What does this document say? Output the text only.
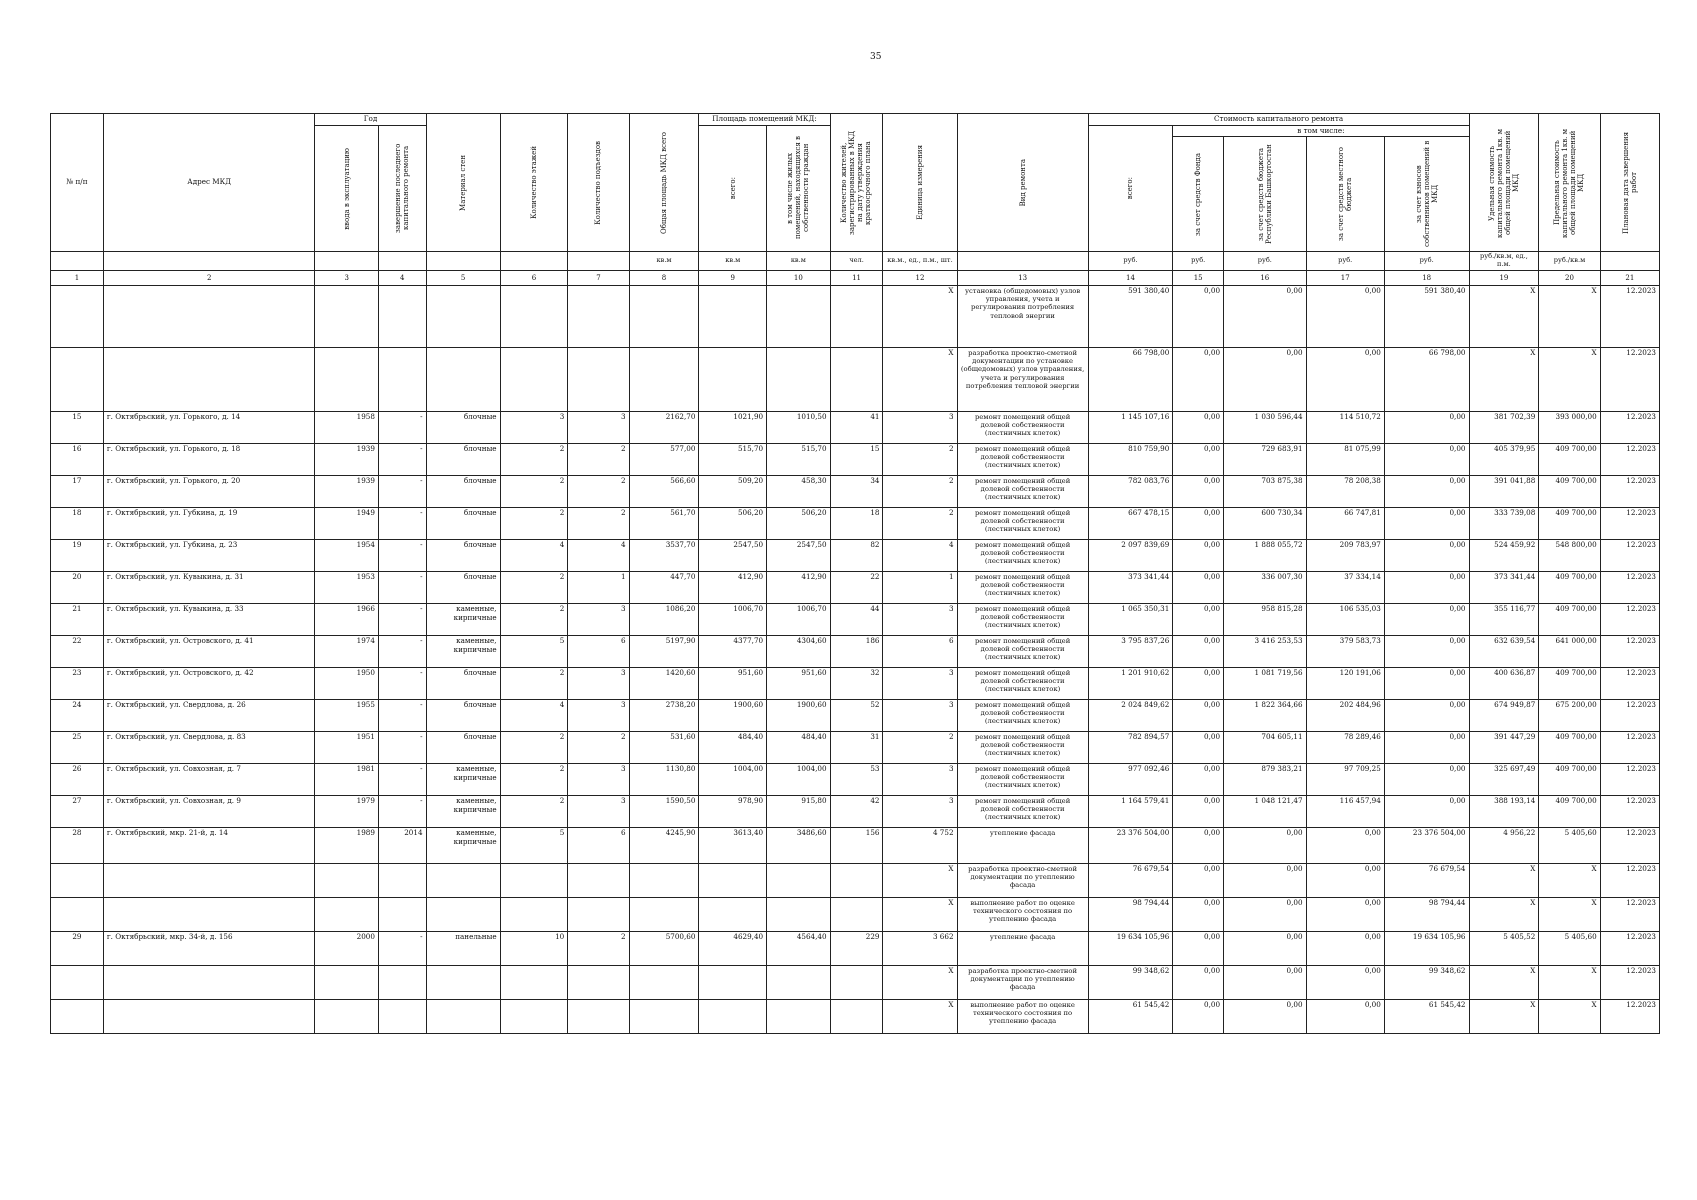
35
№ п/п	Адрес МКД	Год		Материал стен	Количество этажей	Количество подъездов	Общая площадь МКД всего	Площадь помещений МКД:		Количество жителей, зарегистрированных в МКД на дату утверждения краткосрочного плана	Единица измерения	Вид ремонта	Стоимость капитального ремонта					Удельная стоимость капитального ремонта 1кв. м общей площади помещений МКД	Предельная стоимость капитального ремонта 1кв. м общей площади помещений МКД	Плановая дата завершения работ

		ввода в эксплуатацию	завершение последнего капитального ремонта					всего:	в том числе жилых помещений, находящихся в собственности граждан				всего:	в том числе:						

														за счет средств Фонда	за счет средств бюджета Республики Башкортостан	за счет средств местного бюджета	за счет взносов собственников помещений в МКД			

							кв.м	кв.м	кв.м	чел.	кв.м., ед., п.м., шт.		руб.	руб.	руб.	руб.	руб.	руб./кв.м, ед., п.м.	руб./кв.м	
1	2	3	4	5	6	7	8	9	10	11	12	13	14	15	16	17	18	19	20	21
											X	установка (общедомовых) узлов управления, учета и регулирования потребления тепловой энергии	591 380,40	0,00	0,00	0,00	591 380,40	X	X	12.2023
											X	разработка проектно-сметной документации по установке (общедомовых) узлов управления, учета и регулирования потребления тепловой энергии	66 798,00	0,00	0,00	0,00	66 798,00	X	X	12.2023
15	г. Октябрьский, ул. Горького, д. 14	1958	-	блочные	3	3	2162,70	1021,90	1010,50	41	3	ремонт помещений общей долевой собственности (лестничных клеток)	1 145 107,16	0,00	1 030 596,44	114 510,72	0,00	381 702,39	393 000,00	12.2023
16	г. Октябрьский, ул. Горького, д. 18	1939	-	блочные	2	2	577,00	515,70	515,70	15	2	ремонт помещений общей долевой собственности (лестничных клеток)	810 759,90	0,00	729 683,91	81 075,99	0,00	405 379,95	409 700,00	12.2023
17	г. Октябрьский, ул. Горького, д. 20	1939	-	блочные	2	2	566,60	509,20	458,30	34	2	ремонт помещений общей долевой собственности (лестничных клеток)	782 083,76	0,00	703 875,38	78 208,38	0,00	391 041,88	409 700,00	12.2023
18	г. Октябрьский, ул. Губкина, д. 19	1949	-	блочные	2	2	561,70	506,20	506,20	18	2	ремонт помещений общей долевой собственности (лестничных клеток)	667 478,15	0,00	600 730,34	66 747,81	0,00	333 739,08	409 700,00	12.2023
19	г. Октябрьский, ул. Губкина, д. 23	1954	-	блочные	4	4	3537,70	2547,50	2547,50	82	4	ремонт помещений общей долевой собственности (лестничных клеток)	2 097 839,69	0,00	1 888 055,72	209 783,97	0,00	524 459,92	548 800,00	12.2023
20	г. Октябрьский, ул. Кувыкина, д. 31	1953	-	блочные	2	1	447,70	412,90	412,90	22	1	ремонт помещений общей долевой собственности (лестничных клеток)	373 341,44	0,00	336 007,30	37 334,14	0,00	373 341,44	409 700,00	12.2023
21	г. Октябрьский, ул. Кувыкина, д. 33	1966	-	каменные, кирпичные	2	3	1086,20	1006,70	1006,70	44	3	ремонт помещений общей долевой собственности (лестничных клеток)	1 065 350,31	0,00	958 815,28	106 535,03	0,00	355 116,77	409 700,00	12.2023
22	г. Октябрьский, ул. Островского, д. 41	1974	-	каменные, кирпичные	5	6	5197,90	4377,70	4304,60	186	6	ремонт помещений общей долевой собственности (лестничных клеток)	3 795 837,26	0,00	3 416 253,53	379 583,73	0,00	632 639,54	641 000,00	12.2023
23	г. Октябрьский, ул. Островского, д. 42	1950	-	блочные	2	3	1420,60	951,60	951,60	32	3	ремонт помещений общей долевой собственности (лестничных клеток)	1 201 910,62	0,00	1 081 719,56	120 191,06	0,00	400 636,87	409 700,00	12.2023
24	г. Октябрьский, ул. Свердлова, д. 26	1955	-	блочные	4	3	2738,20	1900,60	1900,60	52	3	ремонт помещений общей долевой собственности (лестничных клеток)	2 024 849,62	0,00	1 822 364,66	202 484,96	0,00	674 949,87	675 200,00	12.2023
25	г. Октябрьский, ул. Свердлова, д. 83	1951	-	блочные	2	2	531,60	484,40	484,40	31	2	ремонт помещений общей долевой собственности (лестничных клеток)	782 894,57	0,00	704 605,11	78 289,46	0,00	391 447,29	409 700,00	12.2023
26	г. Октябрьский, ул. Совхозная, д. 7	1981	-	каменные, кирпичные	2	3	1130,80	1004,00	1004,00	53	3	ремонт помещений общей долевой собственности (лестничных клеток)	977 092,46	0,00	879 383,21	97 709,25	0,00	325 697,49	409 700,00	12.2023
27	г. Октябрьский, ул. Совхозная, д. 9	1979	-	каменные, кирпичные	2	3	1590,50	978,90	915,80	42	3	ремонт помещений общей долевой собственности (лестничных клеток)	1 164 579,41	0,00	1 048 121,47	116 457,94	0,00	388 193,14	409 700,00	12.2023
28	г. Октябрьский, мкр. 21-й, д. 14	1989	2014	каменные, кирпичные	5	6	4245,90	3613,40	3486,60	156	4 752	утепление фасада	23 376 504,00	0,00	0,00	0,00	23 376 504,00	4 956,22	5 405,60	12.2023
											X	разработка проектно-сметной документации по утеплению фасада	76 679,54	0,00	0,00	0,00	76 679,54	X	X	12.2023
											X	выполнение работ по оценке технического состояния по утеплению фасада	98 794,44	0,00	0,00	0,00	98 794,44	X	X	12.2023
29	г. Октябрьский, мкр. 34-й, д. 156	2000	-	панельные	10	2	5700,60	4629,40	4564,40	229	3 662	утепление фасада	19 634 105,96	0,00	0,00	0,00	19 634 105,96	5 405,52	5 405,60	12.2023
											X	разработка проектно-сметной документации по утеплению фасада	99 348,62	0,00	0,00	0,00	99 348,62	X	X	12.2023
											X	выполнение работ по оценке технического состояния по утеплению фасада	61 545,42	0,00	0,00	0,00	61 545,42	X	X	12.2023
